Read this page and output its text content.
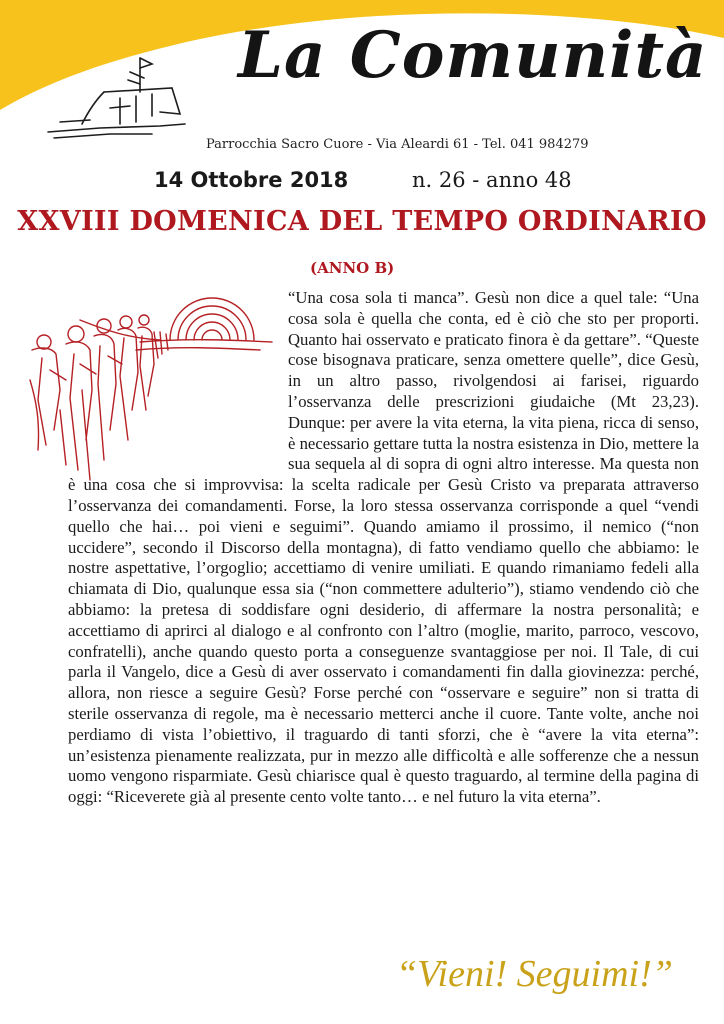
La Comunità
Parrocchia Sacro Cuore - Via Aleardi 61 - Tel. 041 984279
14 Ottobre 2018	n. 26 - anno 48
XXVIII DOMENICA DEL TEMPO ORDINARIO
(ANNO B)
“Una cosa sola ti manca”. Gesù non dice a quel tale: “Una cosa sola è quella che conta, ed è ciò che sto per proporti. Quanto hai osservato e praticato finora è da gettare”. “Queste cose bisognava praticare, senza omettere quelle”, dice Gesù, in un altro passo, rivolgendosi ai farisei, riguardo l’osservanza delle prescrizioni giudaiche (Mt 23,23). Dunque: per avere la vita eterna, la vita piena, ricca di senso, è necessario gettare tutta la nostra esistenza in Dio, mettere la sua sequela al di sopra di ogni altro interesse. Ma questa non è una cosa che si improvvisa: la scelta radicale per Gesù Cristo va preparata attraverso l’osservanza dei comandamenti. Forse, la loro stessa osservanza corrisponde a quel “vendi quello che hai… poi vieni e seguimi”. Quando amiamo il prossimo, il nemico (“non uccidere”, secondo il Discorso della montagna), di fatto vendiamo quello che abbiamo: le nostre aspettative, l’orgoglio; accettiamo di venire umiliati. E quando rimaniamo fedeli alla chiamata di Dio, qualunque essa sia (“non commettere adulterio”), stiamo vendendo ciò che abbiamo: la pretesa di soddisfare ogni desiderio, di affermare la nostra personalità; e accettiamo di aprirci al dialogo e al confronto con l’altro (moglie, marito, parroco, vescovo, confratelli), anche quando questo porta a conseguenze svantaggiose per noi. Il Tale, di cui parla il Vangelo, dice a Gesù di aver osservato i comandamenti fin dalla giovinezza: perché, allora, non riesce a seguire Gesù? Forse perché con “osservare e seguire” non si tratta di sterile osservanza di regole, ma è necessario metterci anche il cuore. Tante volte, anche noi perdiamo di vista l’obiettivo, il traguardo di tanti sforzi, che è “avere la vita eterna”: un’esistenza pienamente realizzata, pur in mezzo alle difficoltà e alle sofferenze che a nessun uomo vengono risparmiate. Gesù chiarisce qual è questo traguardo, al termine della pagina di oggi: “Riceverete già al presente cento volte tanto… e nel futuro la vita eterna”.
“Vieni! Seguimi!”
